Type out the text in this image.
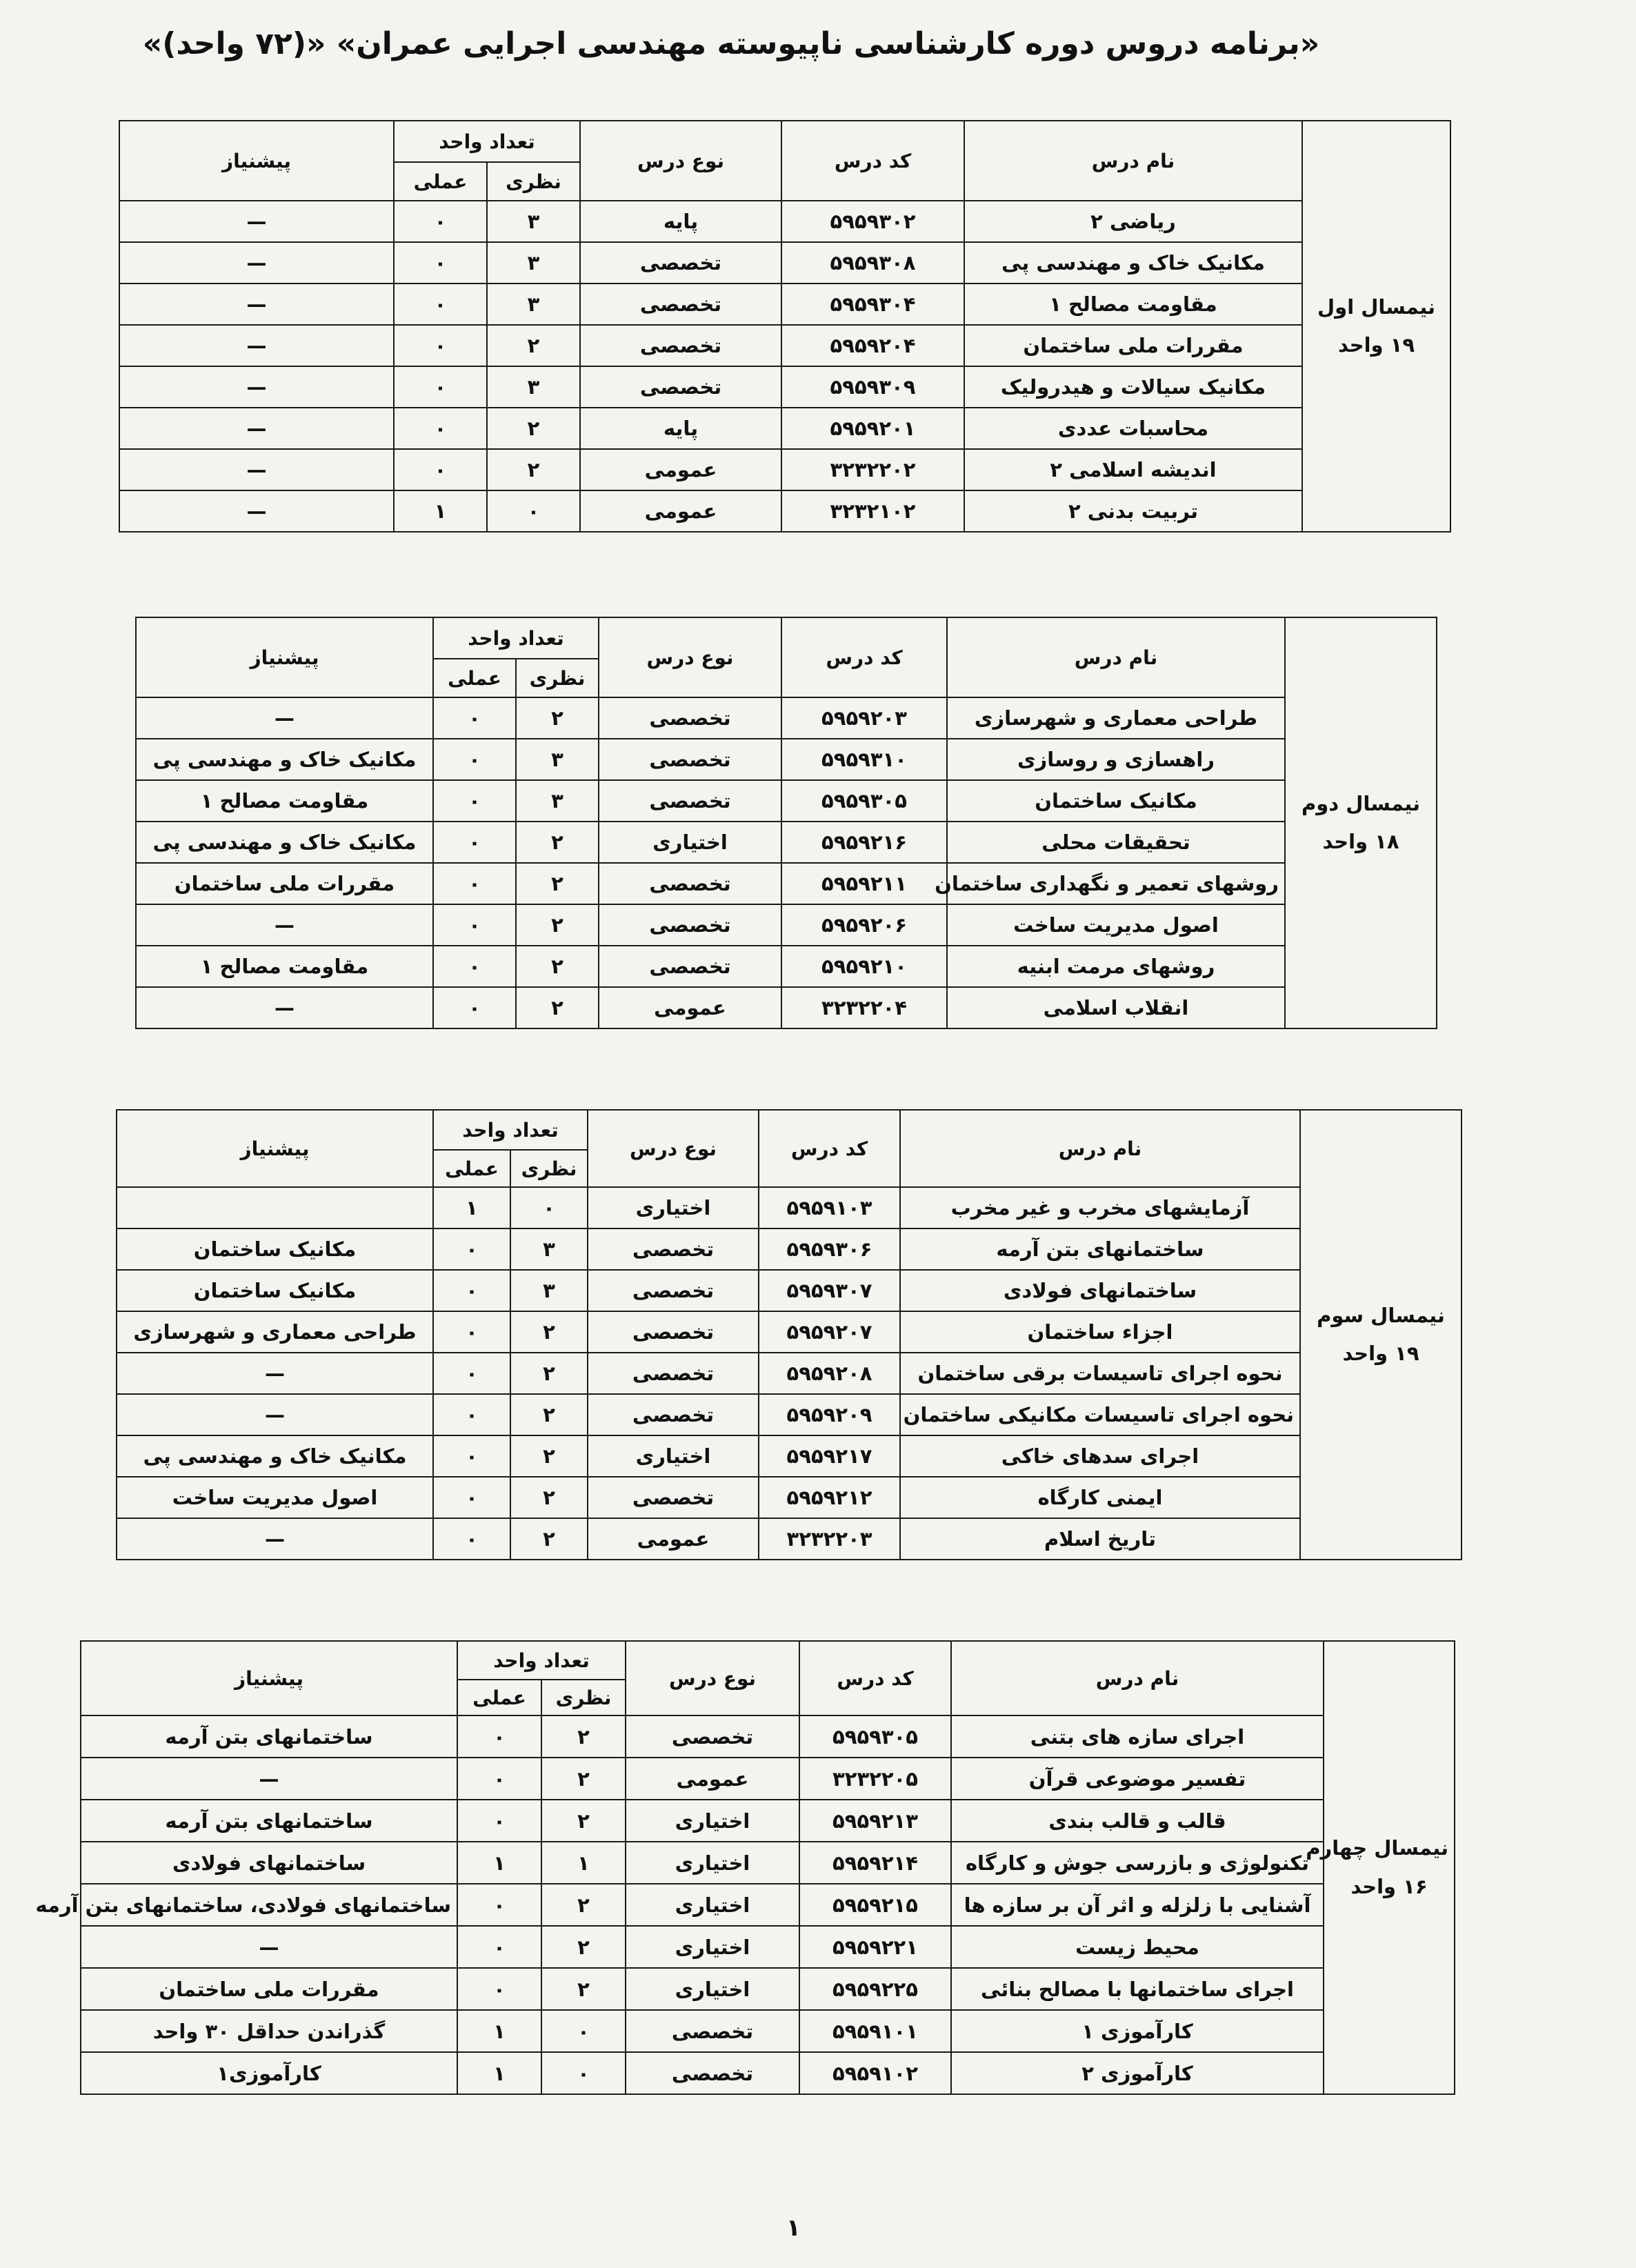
«برنامه دروس دوره کارشناسی ناپیوسته مهندسی اجرایی عمران» «(۷۲ واحد)»
نیمسال اول
۱۹ واحد	نام درس	کد درس	نوع درس	تعداد واحد		پیشنیاز
				نظری	عملی	
	ریاضی ۲	۵۹۵۹۳۰۲	پایه	۳	۰	—
	مکانیک خاک و مهندسی پی	۵۹۵۹۳۰۸	تخصصی	۳	۰	—
	مقاومت مصالح ۱	۵۹۵۹۳۰۴	تخصصی	۳	۰	—
	مقررات ملی ساختمان	۵۹۵۹۲۰۴	تخصصی	۲	۰	—
	مکانیک سیالات و هیدرولیک	۵۹۵۹۳۰۹	تخصصی	۳	۰	—
	محاسبات عددی	۵۹۵۹۲۰۱	پایه	۲	۰	—
	اندیشه اسلامی ۲	۳۲۳۲۲۰۲	عمومی	۲	۰	—
	تربیت بدنی ۲	۳۲۳۲۱۰۲	عمومی	۰	۱	—
نیمسال دوم
۱۸ واحد	نام درس	کد درس	نوع درس	تعداد واحد		پیشنیاز
				نظری	عملی	
	طراحی معماری و شهرسازی	۵۹۵۹۲۰۳	تخصصی	۲	۰	—
	راهسازی و روسازی	۵۹۵۹۳۱۰	تخصصی	۳	۰	مکانیک خاک و مهندسی پی
	مکانیک ساختمان	۵۹۵۹۳۰۵	تخصصی	۳	۰	مقاومت مصالح ۱
	تحقیقات محلی	۵۹۵۹۲۱۶	اختیاری	۲	۰	مکانیک خاک و مهندسی پی
	روشهای تعمیر و نگهداری ساختمان	۵۹۵۹۲۱۱	تخصصی	۲	۰	مقررات ملی ساختمان
	اصول مدیریت ساخت	۵۹۵۹۲۰۶	تخصصی	۲	۰	—
	روشهای مرمت ابنیه	۵۹۵۹۲۱۰	تخصصی	۲	۰	مقاومت مصالح ۱
	انقلاب اسلامی	۳۲۳۲۲۰۴	عمومی	۲	۰	—
نیمسال سوم
۱۹ واحد	نام درس	کد درس	نوع درس	تعداد واحد		پیشنیاز
				نظری	عملی	
	آزمایشهای مخرب و غیر مخرب	۵۹۵۹۱۰۳	اختیاری	۰	۱	
	ساختمانهای بتن آرمه	۵۹۵۹۳۰۶	تخصصی	۳	۰	مکانیک ساختمان
	ساختمانهای فولادی	۵۹۵۹۳۰۷	تخصصی	۳	۰	مکانیک ساختمان
	اجزاء ساختمان	۵۹۵۹۲۰۷	تخصصی	۲	۰	طراحی معماری و شهرسازی
	نحوه اجرای تاسیسات برقی ساختمان	۵۹۵۹۲۰۸	تخصصی	۲	۰	—
	نحوه اجرای تاسیسات مکانیکی ساختمان	۵۹۵۹۲۰۹	تخصصی	۲	۰	—
	اجرای سدهای خاکی	۵۹۵۹۲۱۷	اختیاری	۲	۰	مکانیک خاک و مهندسی پی
	ایمنی کارگاه	۵۹۵۹۲۱۲	تخصصی	۲	۰	اصول مدیریت ساخت
	تاریخ اسلام	۳۲۳۲۲۰۳	عمومی	۲	۰	—
نیمسال چهارم
۱۶ واحد	نام درس	کد درس	نوع درس	تعداد واحد		پیشنیاز
				نظری	عملی	
	اجرای سازه های بتنی	۵۹۵۹۳۰۵	تخصصی	۲	۰	ساختمانهای بتن آرمه
	تفسیر موضوعی قرآن	۳۲۳۲۲۰۵	عمومی	۲	۰	—
	قالب و قالب بندی	۵۹۵۹۲۱۳	اختیاری	۲	۰	ساختمانهای بتن آرمه
	تکنولوژی و بازرسی جوش و کارگاه	۵۹۵۹۲۱۴	اختیاری	۱	۱	ساختمانهای فولادی
	آشنایی با زلزله و اثر آن بر سازه ها	۵۹۵۹۲۱۵	اختیاری	۲	۰	ساختمانهای فولادی، ساختمانهای بتن آرمه
	محیط زیست	۵۹۵۹۲۲۱	اختیاری	۲	۰	—
	اجرای ساختمانها با مصالح بنائی	۵۹۵۹۲۲۵	اختیاری	۲	۰	مقررات ملی ساختمان
	کارآموزی ۱	۵۹۵۹۱۰۱	تخصصی	۰	۱	گذراندن حداقل ۳۰ واحد
	کارآموزی ۲	۵۹۵۹۱۰۲	تخصصی	۰	۱	کارآموزی۱
۱
